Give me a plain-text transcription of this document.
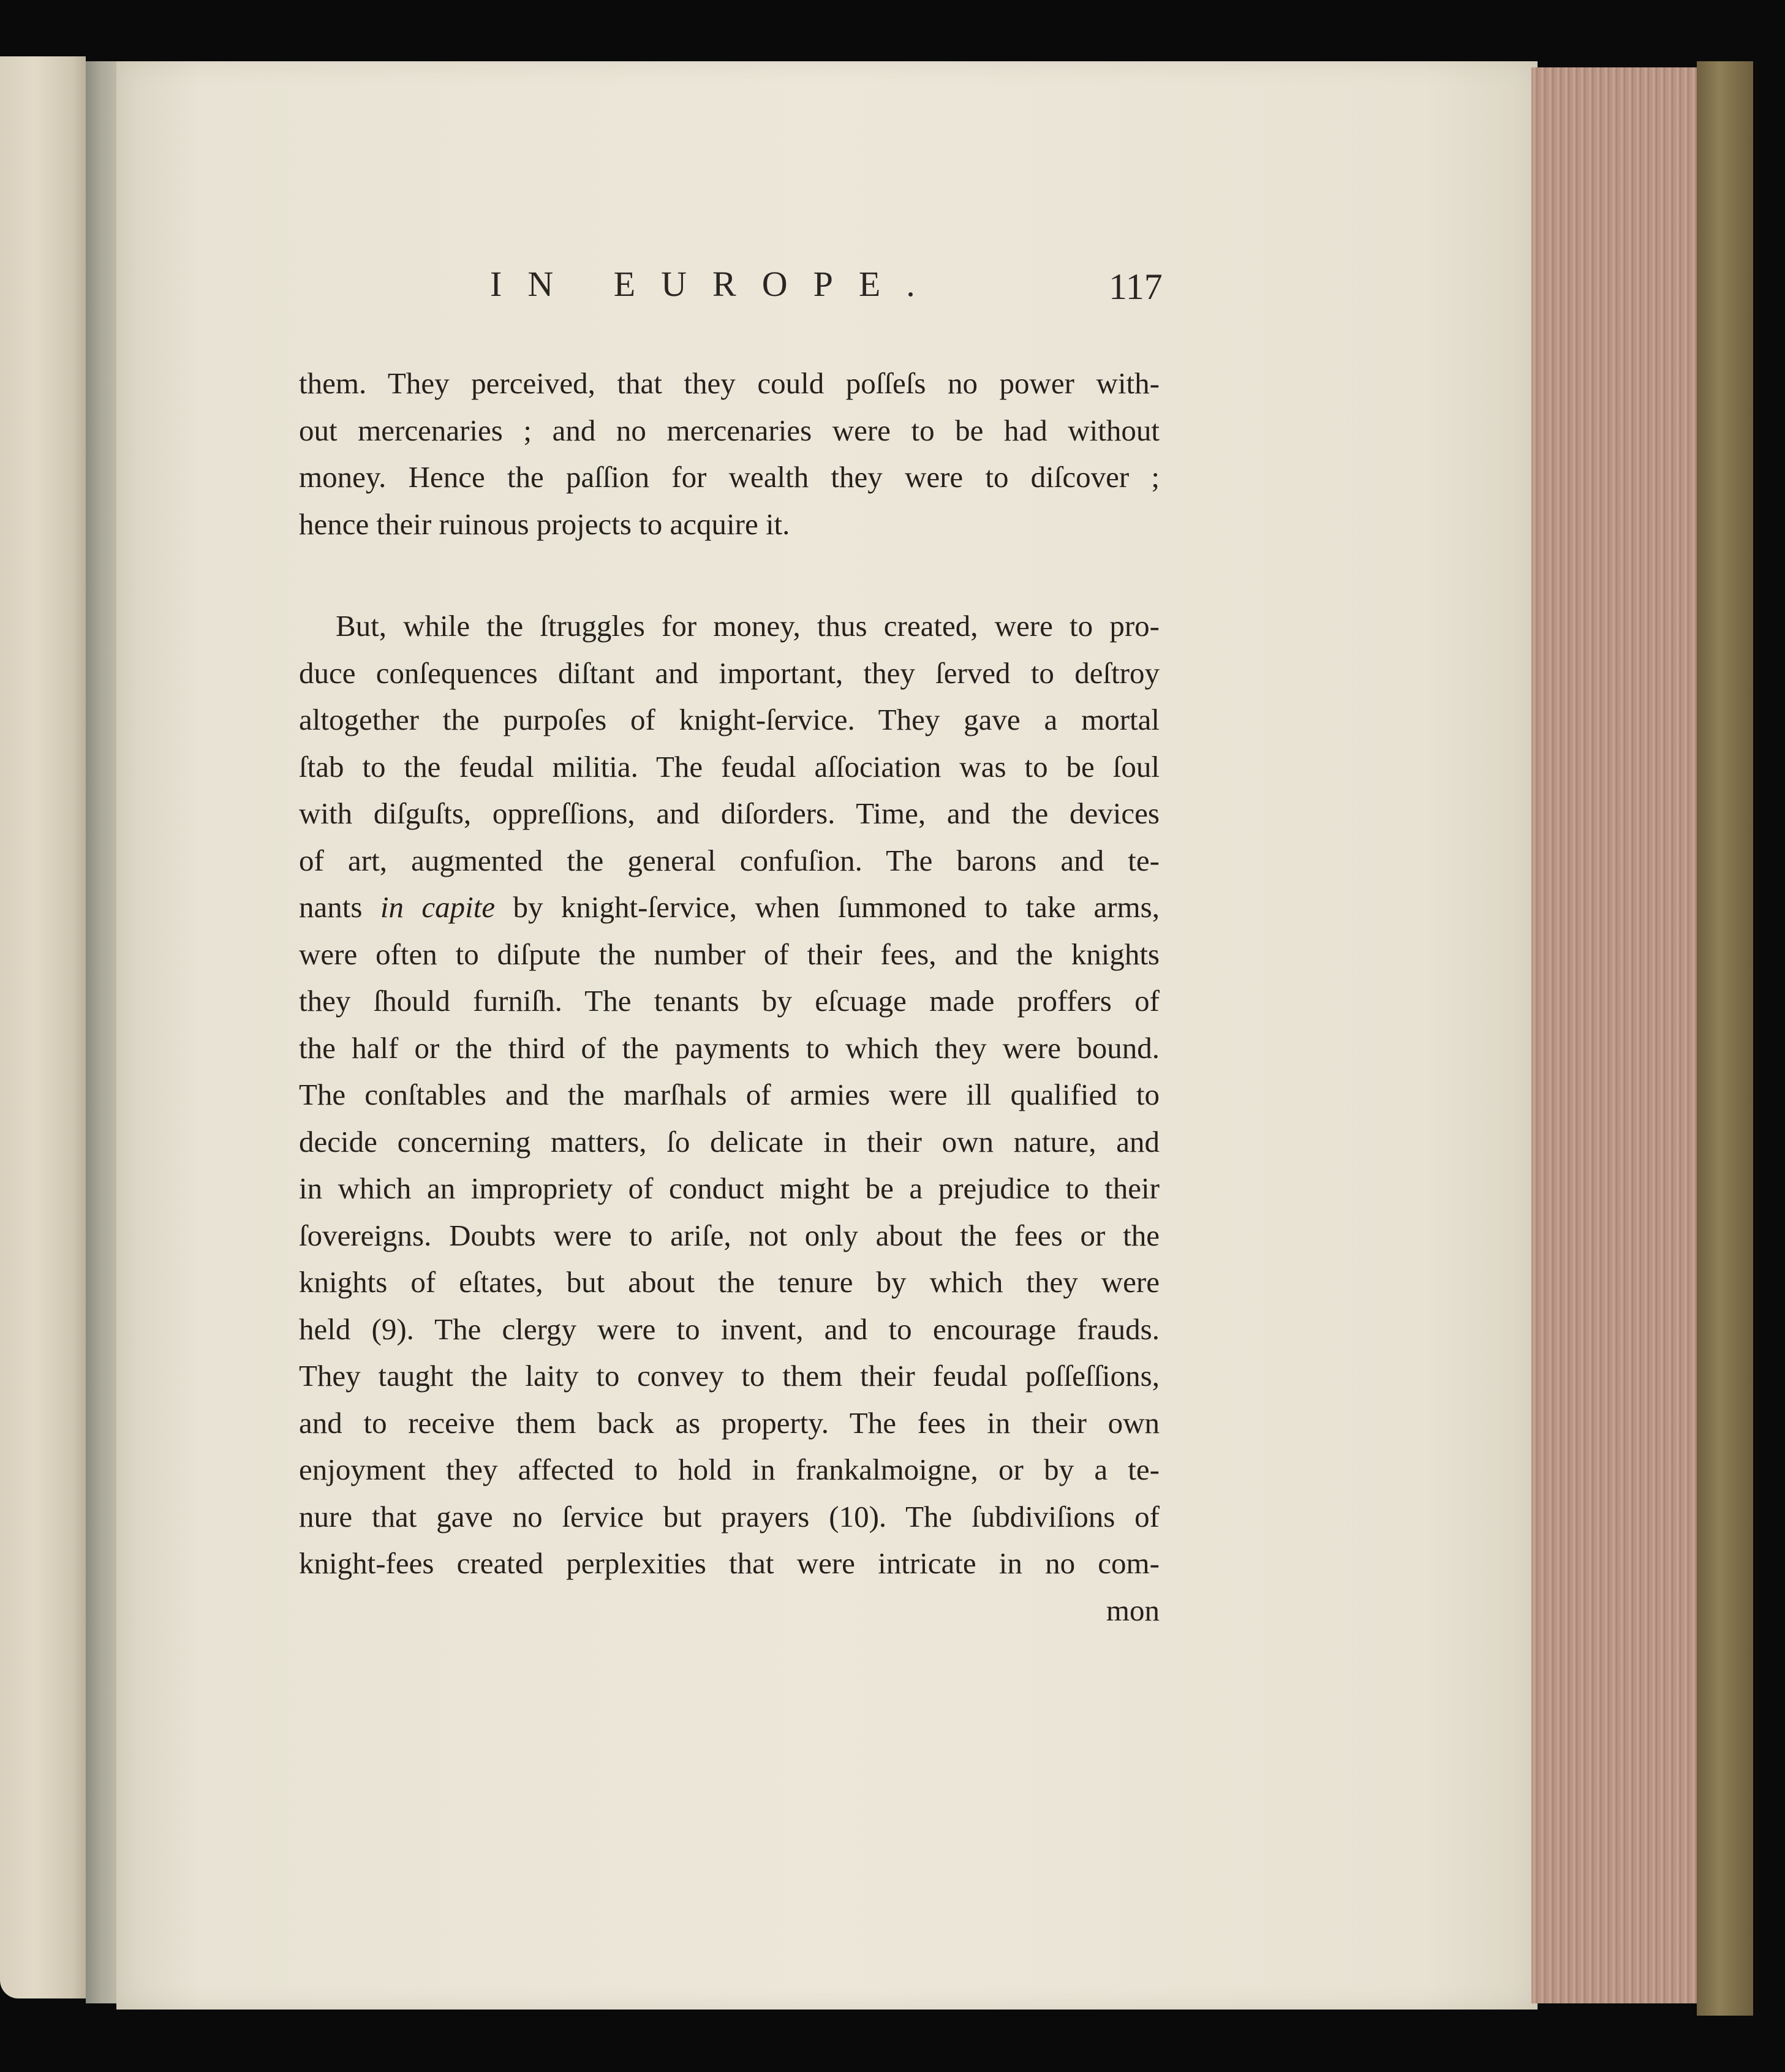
IN EUROPE.	117
them. They perceived, that they could poſſeſs no power with-
out mercenaries ; and no mercenaries were to be had without
money. Hence the paſſion for wealth they were to diſcover ;
hence their ruinous projects to acquire it.
But, while the ſtruggles for money, thus created, were to pro-
duce conſequences diſtant and important, they ſerved to deſtroy
altogether the purpoſes of knight-ſervice. They gave a mortal
ſtab to the feudal militia. The feudal aſſociation was to be ſoul
with diſguſts, oppreſſions, and diſorders. Time, and the devices
of art, augmented the general confuſion. The barons and te-
nants in capite by knight-ſervice, when ſummoned to take arms,
were often to diſpute the number of their fees, and the knights
they ſhould furniſh. The tenants by eſcuage made proffers of
the half or the third of the payments to which they were bound.
The conſtables and the marſhals of armies were ill qualified to
decide concerning matters, ſo delicate in their own nature, and
in which an impropriety of conduct might be a prejudice to their
ſovereigns. Doubts were to ariſe, not only about the fees or the
knights of eſtates, but about the tenure by which they were
held (9). The clergy were to invent, and to encourage frauds.
They taught the laity to convey to them their feudal poſſeſſions,
and to receive them back as property. The fees in their own
enjoyment they affected to hold in frankalmoigne, or by a te-
nure that gave no ſervice but prayers (10). The ſubdiviſions of
knight-fees created perplexities that were intricate in no com-
mon
